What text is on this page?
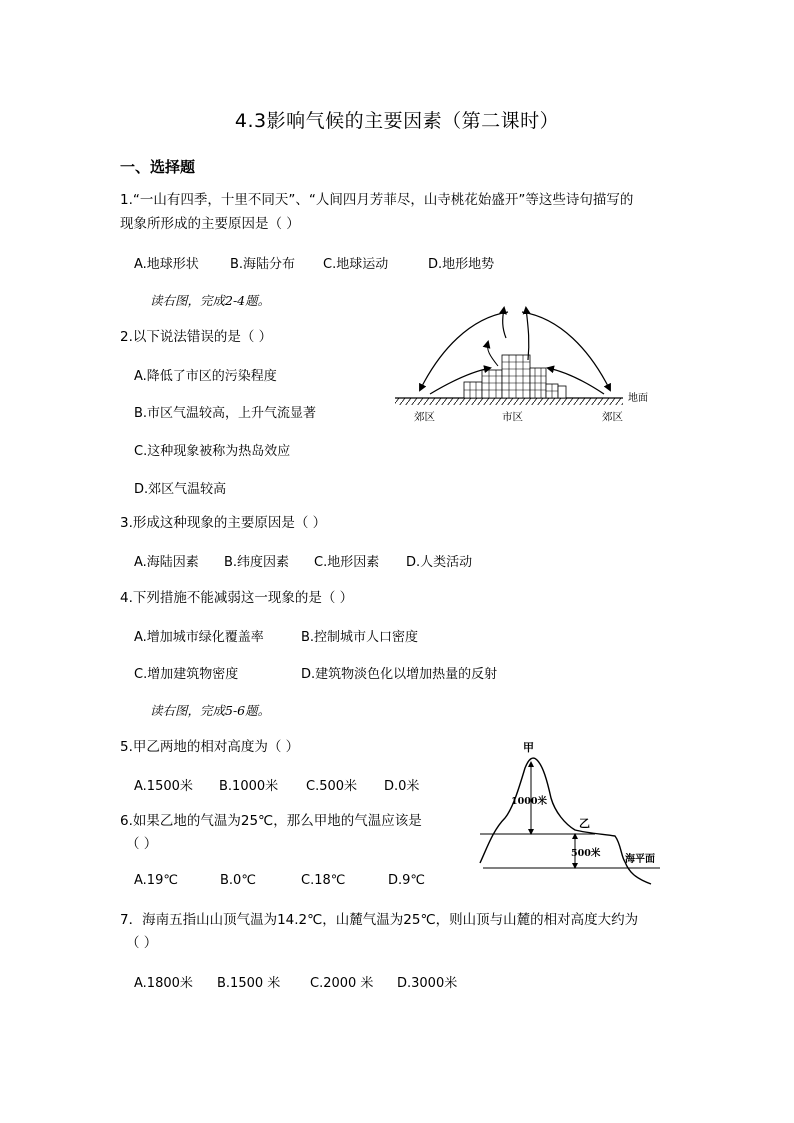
4.3影响气候的主要因素（第二课时）
一、选择题
1.“一山有四季，十里不同天”、“人间四月芳菲尽，山寺桃花始盛开”等这些诗句描写的
现象所形成的主要原因是（ ）
A.地球形状 B.海陆分布 C.地球运动	D.地形地势
读右图，完成2-4题。
2.以下说法错误的是（ ）
A.降低了市区的污染程度
B.市区气温较高，上升气流显著
C.这种现象被称为热岛效应
D.郊区气温较高
3.形成这种现象的主要原因是（ ）
A.海陆因素 B.纬度因素 C.地形因素 D.人类活动
4.下列措施不能减弱这一现象的是（ ）
A.增加城市绿化覆盖率	B.控制城市人口密度
C.增加建筑物密度	D.建筑物淡色化以增加热量的反射
读右图，完成5-6题。
5.甲乙两地的相对高度为（ ）
A.1500米 B.1000米 C.500米 D.0米
6.如果乙地的气温为25℃，那么甲地的气温应该是
（ ）
A.19℃	B.0℃	C.18℃	D.9℃
7．海南五指山山顶气温为14.2℃，山麓气温为25℃，则山顶与山麓的相对高度大约为
（ ）
A.1800米 B.1500 米 C.2000 米 D.3000米
地面
郊区	市区	郊区
甲
乙
1000米
500米
海平面
